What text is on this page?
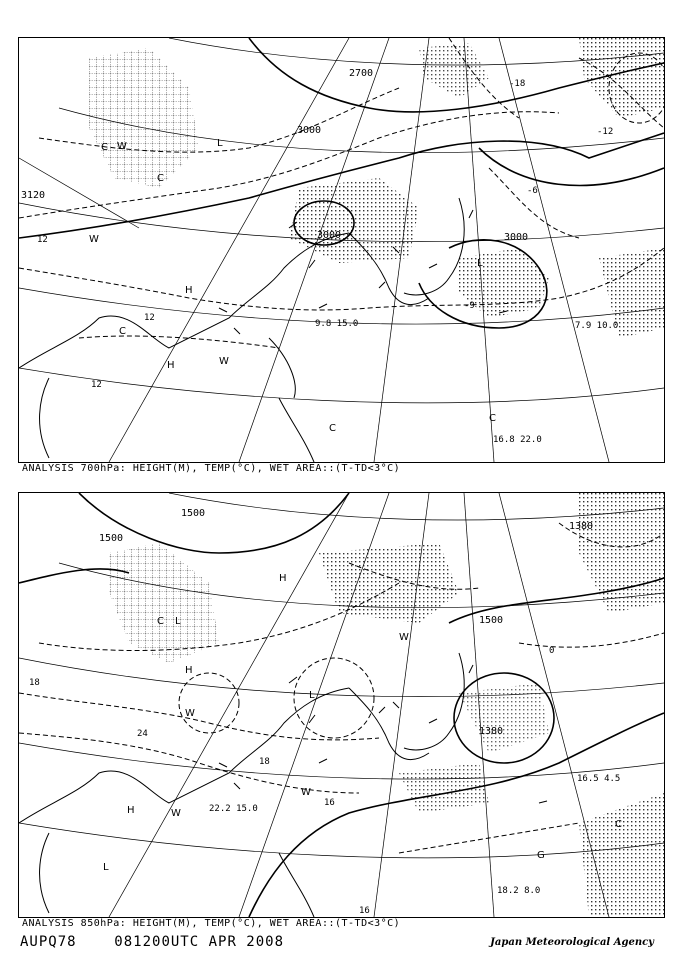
3000
3000	3000
3120
2700
12
12
12
-6
-12
-18
-9
L
L
C
C
C
W
W
W
H
H
C
C
7.9 10.0
16.8 22.0
9.8 15.0
ANALYSIS 700hPa: HEIGHT(M), TEMP(°C), WET AREA::(T-TD<3°C)
1500
1500
1500
1380
1380
18
18
24
16
16
0
L
L
L
C
C
W
W
W
W
H
H
H
G
16.5 4.5
18.2 8.0
22.2 15.0
ANALYSIS 850hPa: HEIGHT(M), TEMP(°C), WET AREA::(T-TD<3°C)
AUPQ78	081200UTC APR 2008	Japan Meteorological Agency
